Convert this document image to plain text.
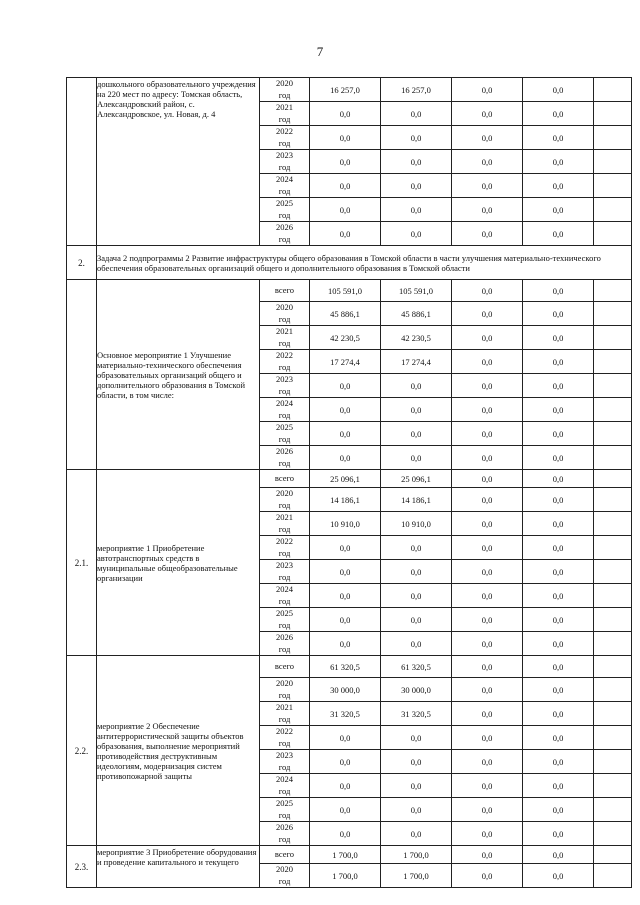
7
	дошкольного образовательного учреждения на 220 мест по адресу: Томская область, Александровский район, с. Александровское, ул. Новая, д. 4	2020
год	16 257,0	16 257,0	0,0	0,0	
		2021
год	0,0	0,0	0,0	0,0	
		2022
год	0,0	0,0	0,0	0,0	
		2023
год	0,0	0,0	0,0	0,0	
		2024
год	0,0	0,0	0,0	0,0	
		2025
год	0,0	0,0	0,0	0,0	
		2026
год	0,0	0,0	0,0	0,0	
2.	Задача 2 подпрограммы 2 Развитие инфраструктуры общего образования в Томской области в части улучшения материально-технического обеспечения образовательных организаций общего и дополнительного образования в Томской области						
	Основное мероприятие 1 Улучшение материально-технического обеспечения образовательных организаций общего и дополнительного образования в Томской области, в том числе:	всего	105 591,0	105 591,0	0,0	0,0	
		2020
год	45 886,1	45 886,1	0,0	0,0	
		2021
год	42 230,5	42 230,5	0,0	0,0	
		2022
год	17 274,4	17 274,4	0,0	0,0	
		2023
год	0,0	0,0	0,0	0,0	
		2024
год	0,0	0,0	0,0	0,0	
		2025
год	0,0	0,0	0,0	0,0	
		2026
год	0,0	0,0	0,0	0,0	
2.1.	мероприятие 1 Приобретение автотранспортных средств в муниципальные общеобразовательные организации	всего	25 096,1	25 096,1	0,0	0,0	
		2020
год	14 186,1	14 186,1	0,0	0,0	
		2021
год	10 910,0	10 910,0	0,0	0,0	
		2022
год	0,0	0,0	0,0	0,0	
		2023
год	0,0	0,0	0,0	0,0	
		2024
год	0,0	0,0	0,0	0,0	
		2025
год	0,0	0,0	0,0	0,0	
		2026
год	0,0	0,0	0,0	0,0	
2.2.	мероприятие 2 Обеспечение антитеррористической защиты объектов образования, выполнение мероприятий противодействия деструктивным идеологиям, модернизация систем противопожарной защиты	всего	61 320,5	61 320,5	0,0	0,0	
		2020
год	30 000,0	30 000,0	0,0	0,0	
		2021
год	31 320,5	31 320,5	0,0	0,0	
		2022
год	0,0	0,0	0,0	0,0	
		2023
год	0,0	0,0	0,0	0,0	
		2024
год	0,0	0,0	0,0	0,0	
		2025
год	0,0	0,0	0,0	0,0	
		2026
год	0,0	0,0	0,0	0,0	
2.3.	мероприятие 3 Приобретение оборудования и проведение капитального и текущего	всего	1 700,0	1 700,0	0,0	0,0	
		2020
год	1 700,0	1 700,0	0,0	0,0	
